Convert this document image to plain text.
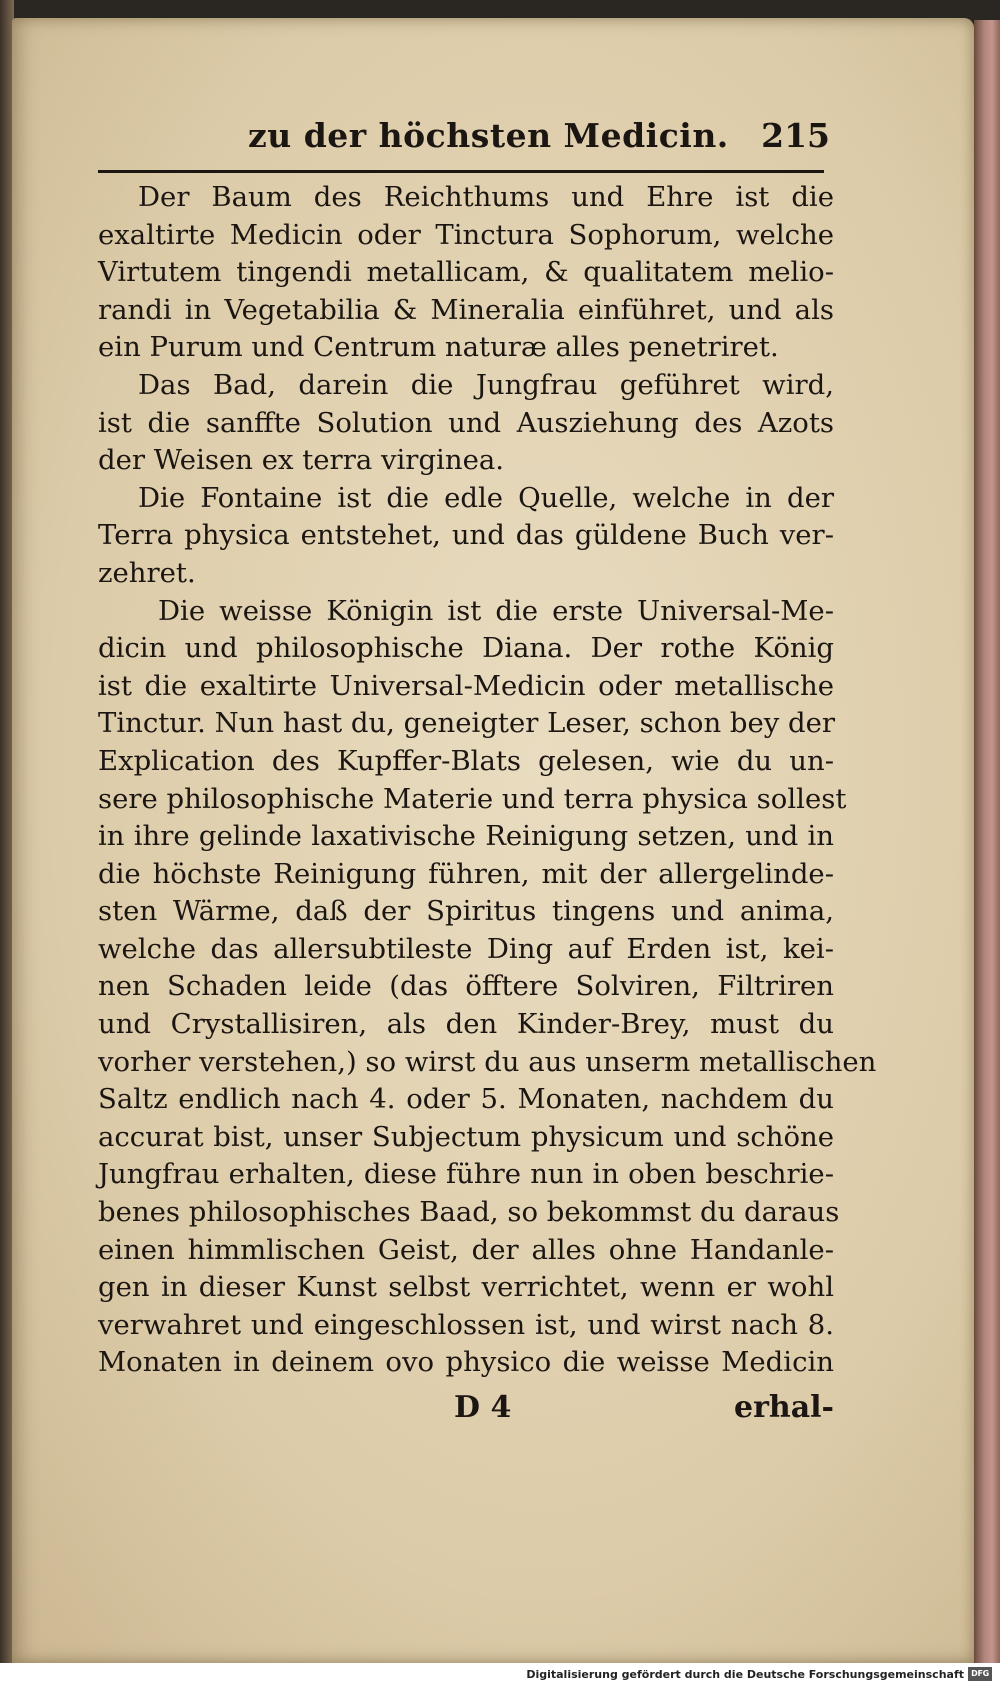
zu der höchsten Medicin. 215
Der Baum des Reichthums und Ehre ist die
exaltirte Medicin oder Tinctura Sophorum, welche
Virtutem tingendi metallicam, & qualitatem melio-
randi in Vegetabilia & Mineralia einführet, und als
ein Purum und Centrum naturæ alles penetriret.
Das Bad, darein die Jungfrau geführet wird,
ist die sanffte Solution und Ausziehung des Azots
der Weisen ex terra virginea.
Die Fontaine ist die edle Quelle, welche in der
Terra physica entstehet, und das güldene Buch ver-
zehret.
Die weisse Königin ist die erste Universal-Me-
dicin und philosophische Diana. Der rothe König
ist die exaltirte Universal-Medicin oder metallische
Tinctur. Nun hast du, geneigter Leser, schon bey der
Explication des Kupffer-Blats gelesen, wie du un-
sere philosophische Materie und terra physica sollest
in ihre gelinde laxativische Reinigung setzen, und in
die höchste Reinigung führen, mit der allergelinde-
sten Wärme, daß der Spiritus tingens und anima,
welche das allersubtileste Ding auf Erden ist, kei-
nen Schaden leide (das öfftere Solviren, Filtriren
und Crystallisiren, als den Kinder-Brey, must du
vorher verstehen,) so wirst du aus unserm metallischen
Saltz endlich nach 4. oder 5. Monaten, nachdem du
accurat bist, unser Subjectum physicum und schöne
Jungfrau erhalten, diese führe nun in oben beschrie-
benes philosophisches Baad, so bekommst du daraus
einen himmlischen Geist, der alles ohne Handanle-
gen in dieser Kunst selbst verrichtet, wenn er wohl
verwahret und eingeschlossen ist, und wirst nach 8.
Monaten in deinem ovo physico die weisse Medicin
D 4	erhal-
Digitalisierung gefördert durch die Deutsche Forschungsgemeinschaft DFG
